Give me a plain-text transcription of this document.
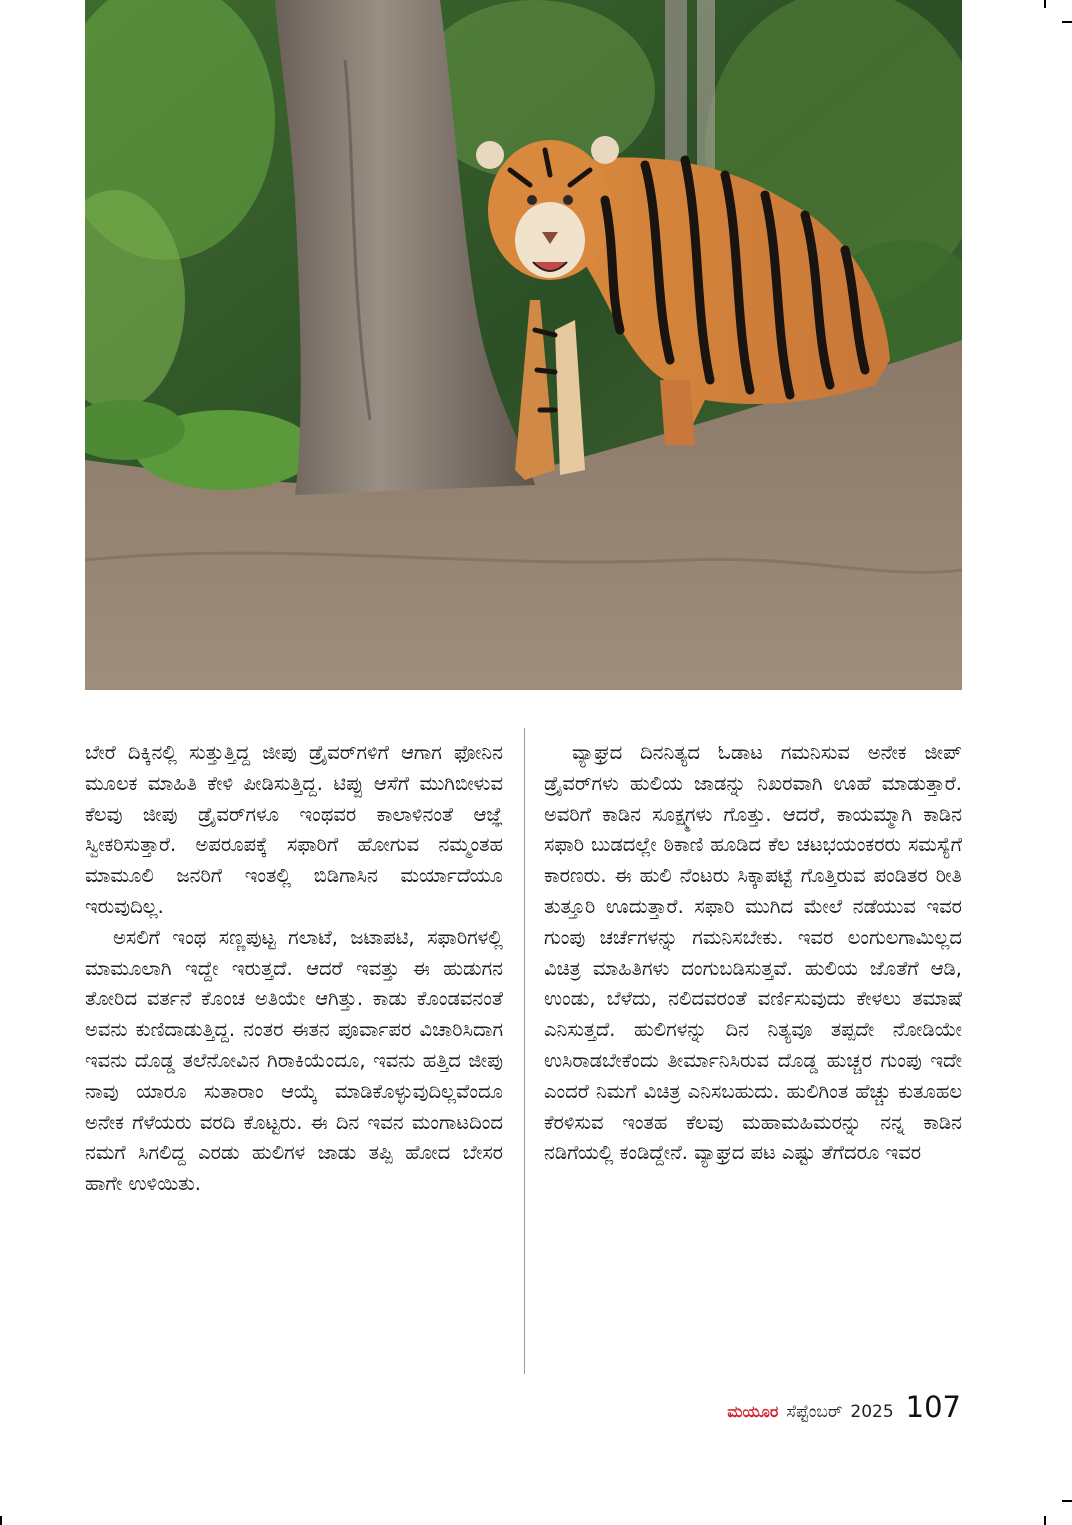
ಬೇರೆ ದಿಕ್ಕಿನಲ್ಲಿ ಸುತ್ತುತ್ತಿದ್ದ ಜೀಪು ಡ್ರೈವರ್‌ಗಳಿಗೆ ಆಗಾಗ ಫೋನಿನ ಮೂಲಕ ಮಾಹಿತಿ ಕೇಳಿ ಪೀಡಿಸುತ್ತಿದ್ದ. ಟಿಪ್ಪು ಆಸೆಗೆ ಮುಗಿಬೀಳುವ ಕೆಲವು ಜೀಪು ಡ್ರೈವರ್‌ಗಳೂ ಇಂಥವರ ಕಾಲಾಳಿನಂತೆ ಆಜ್ಞೆ ಸ್ವೀಕರಿಸುತ್ತಾರೆ. ಅಪರೂಪಕ್ಕೆ ಸಫಾರಿಗೆ ಹೋಗುವ ನಮ್ಮಂತಹ ಮಾಮೂಲಿ ಜನರಿಗೆ ಇಂತಲ್ಲಿ ಬಿಡಿಗಾಸಿನ ಮರ್ಯಾದೆಯೂ ಇರುವುದಿಲ್ಲ.

ಅಸಲಿಗೆ ಇಂಥ ಸಣ್ಣಪುಟ್ಟ ಗಲಾಟೆ, ಜಟಾಪಟಿ, ಸಫಾರಿಗಳಲ್ಲಿ ಮಾಮೂಲಾಗಿ ಇದ್ದೇ ಇರುತ್ತದೆ. ಆದರೆ ಇವತ್ತು ಈ ಹುಡುಗನ ತೋರಿದ ವರ್ತನೆ ಕೊಂಚ ಅತಿಯೇ ಆಗಿತ್ತು. ಕಾಡು ಕೊಂಡವನಂತೆ ಅವನು ಕುಣಿದಾಡುತ್ತಿದ್ದ. ನಂತರ ಈತನ ಪೂರ್ವಾಪರ ವಿಚಾರಿಸಿದಾಗ ಇವನು ದೊಡ್ಡ ತಲೆನೋವಿನ ಗಿರಾಕಿಯೆಂದೂ, ಇವನು ಹತ್ತಿದ ಜೀಪು ನಾವು ಯಾರೂ ಸುತಾರಾಂ ಆಯ್ಕೆ ಮಾಡಿಕೊಳ್ಳುವುದಿಲ್ಲವೆಂದೂ ಅನೇಕ ಗೆಳೆಯರು ವರದಿ ಕೊಟ್ಟರು. ಈ ದಿನ ಇವನ ಮಂಗಾಟದಿಂದ ನಮಗೆ ಸಿಗಲಿದ್ದ ಎರಡು ಹುಲಿಗಳ ಜಾಡು ತಪ್ಪಿ ಹೋದ ಬೇಸರ ಹಾಗೇ ಉಳಿಯಿತು.

ವ್ಯಾಘ್ರದ ದಿನನಿತ್ಯದ ಓಡಾಟ ಗಮನಿಸುವ ಅನೇಕ ಜೀಪ್ ಡ್ರೈವರ್‌ಗಳು ಹುಲಿಯ ಜಾಡನ್ನು ನಿಖರವಾಗಿ ಊಹೆ ಮಾಡುತ್ತಾರೆ. ಅವರಿಗೆ ಕಾಡಿನ ಸೂಕ್ಷ್ಮಗಳು ಗೊತ್ತು. ಆದರೆ, ಕಾಯಮ್ಮಾಗಿ ಕಾಡಿನ ಸಫಾರಿ ಬುಡದಲ್ಲೇ ಠಿಕಾಣಿ ಹೂಡಿದ ಕೆಲ ಚಟಭಯಂಕರರು ಸಮಸ್ಯೆಗೆ ಕಾರಣರು. ಈ ಹುಲಿ ನೆಂಟರು ಸಿಕ್ಕಾಪಟ್ಟೆ ಗೊತ್ತಿರುವ ಪಂಡಿತರ ರೀತಿ ತುತ್ತೂರಿ ಊದುತ್ತಾರೆ. ಸಫಾರಿ ಮುಗಿದ ಮೇಲೆ ನಡೆಯುವ ಇವರ ಗುಂಪು ಚರ್ಚೆಗಳನ್ನು ಗಮನಿಸಬೇಕು. ಇವರ ಲಂಗುಲಗಾಮಿಲ್ಲದ ವಿಚಿತ್ರ ಮಾಹಿತಿಗಳು ದಂಗುಬಡಿಸುತ್ತವೆ. ಹುಲಿಯ ಜೊತೆಗೆ ಆಡಿ, ಉಂಡು, ಬೆಳೆದು, ನಲಿದವರಂತೆ ವರ್ಣಿಸುವುದು ಕೇಳಲು ತಮಾಷೆ ಎನಿಸುತ್ತದೆ. ಹುಲಿಗಳನ್ನು ದಿನ ನಿತ್ಯವೂ ತಪ್ಪದೇ ನೋಡಿಯೇ ಉಸಿರಾಡಬೇಕೆಂದು ತೀರ್ಮಾನಿಸಿರುವ ದೊಡ್ಡ ಹುಚ್ಚರ ಗುಂಪು ಇದೇ ಎಂದರೆ ನಿಮಗೆ ವಿಚಿತ್ರ ಎನಿಸಬಹುದು. ಹುಲಿಗಿಂತ ಹೆಚ್ಚು ಕುತೂಹಲ ಕೆರಳಿಸುವ ಇಂತಹ ಕೆಲವು ಮಹಾಮಹಿಮರನ್ನು ನನ್ನ ಕಾಡಿನ ನಡಿಗೆಯಲ್ಲಿ ಕಂಡಿದ್ದೇನೆ. ವ್ಯಾಘ್ರದ ಪಟ ಎಷ್ಟು ತೆಗೆದರೂ ಇವರ

ಮಯೂರ ಸೆಪ್ಟೆಂಬರ್ 2025 107
